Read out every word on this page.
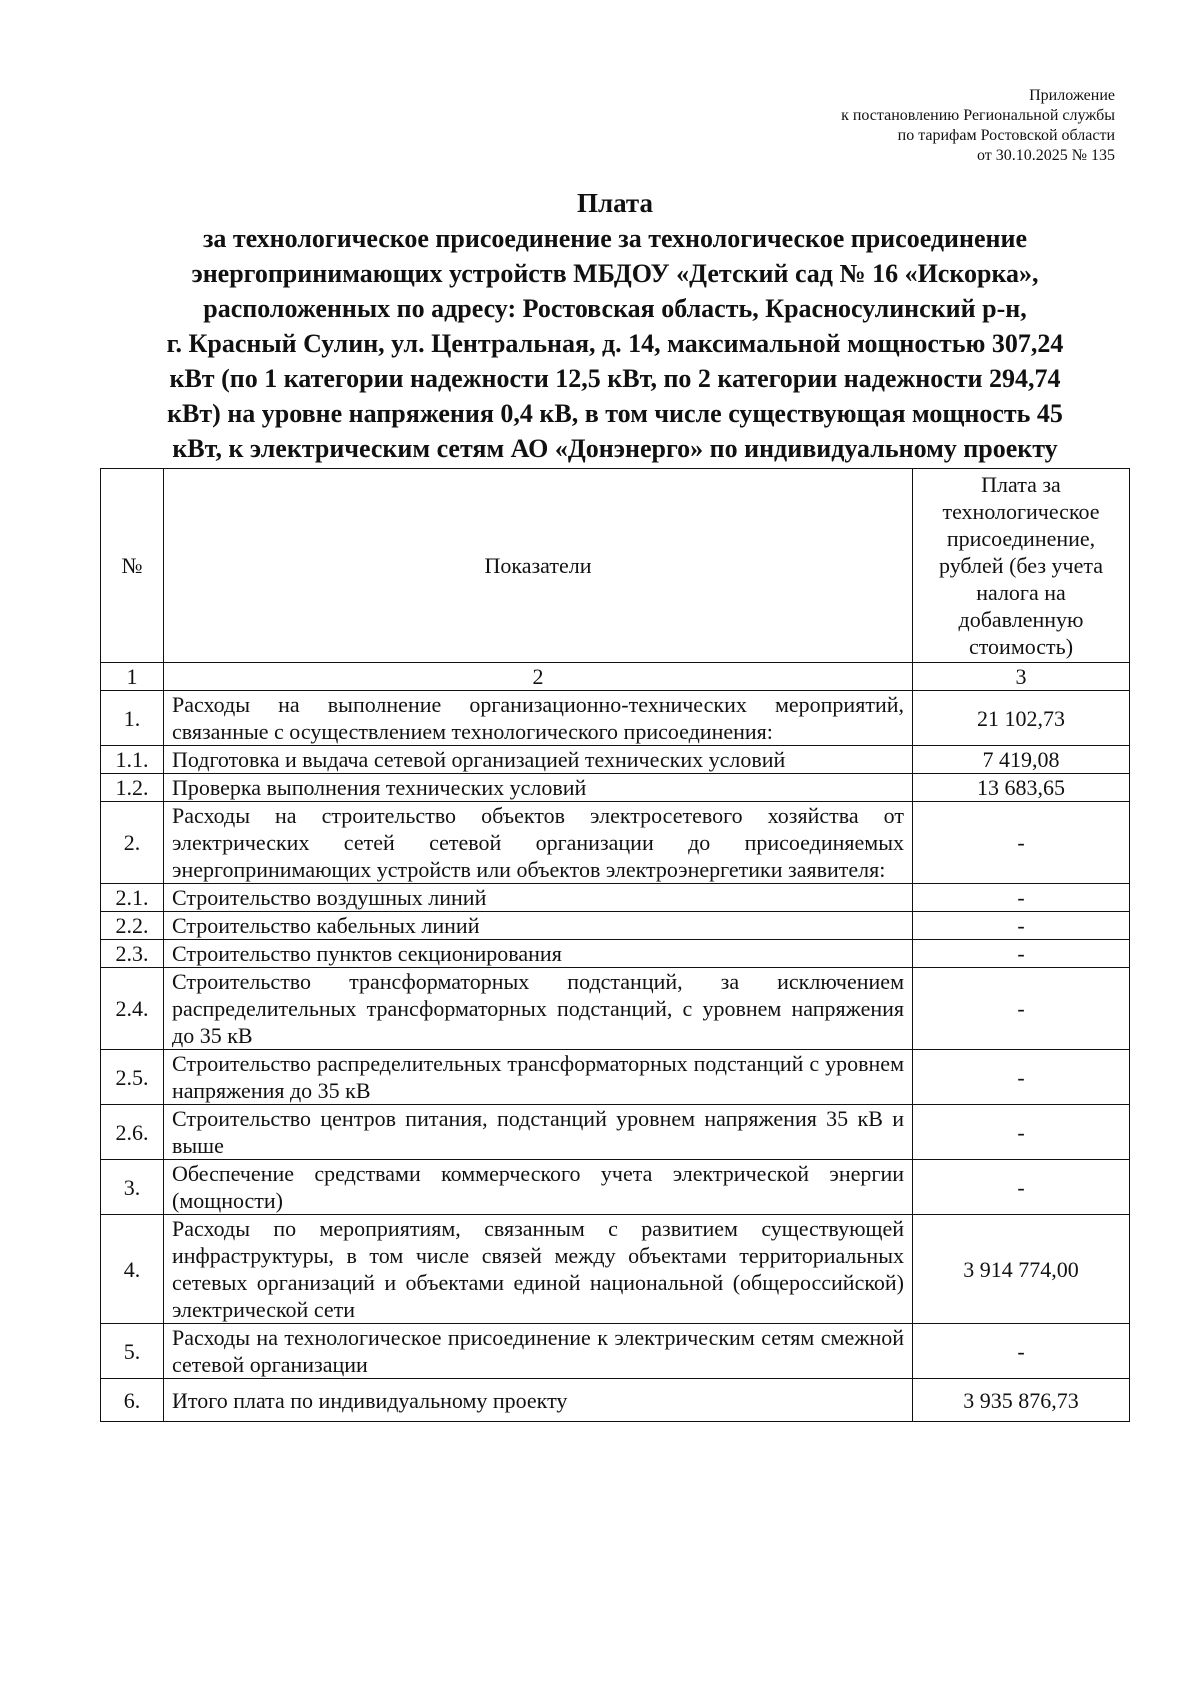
Приложение
к постановлению Региональной службы
по тарифам Ростовской области
от 30.10.2025 № 135
Плата
за технологическое присоединение за технологическое присоединение
энергопринимающих устройств МБДОУ «Детский сад № 16 «Искорка»,
расположенных по адресу: Ростовская область, Красносулинский р-н,
г. Красный Сулин, ул. Центральная, д. 14, максимальной мощностью 307,24
кВт (по 1 категории надежности 12,5 кВт, по 2 категории надежности 294,74
кВт) на уровне напряжения 0,4 кВ, в том числе существующая мощность 45
кВт, к электрическим сетям АО «Донэнерго» по индивидуальному проекту
№	Показатели	Плата за технологическое присоединение, рублей (без учета налога на добавленную стоимость)
1	2	3
1.	Расходы на выполнение организационно-технических мероприятий, связанные с осуществлением технологического присоединения:	21 102,73
1.1.	Подготовка и выдача сетевой организацией технических условий	7 419,08
1.2.	Проверка выполнения технических условий	13 683,65
2.	Расходы на строительство объектов электросетевого хозяйства от электрических сетей сетевой организации до присоединяемых энергопринимающих устройств или объектов электроэнергетики заявителя:	-
2.1.	Строительство воздушных линий	-
2.2.	Строительство кабельных линий	-
2.3.	Строительство пунктов секционирования	-
2.4.	Строительство трансформаторных подстанций, за исключением распределительных трансформаторных подстанций, с уровнем напряжения до 35 кВ	-
2.5.	Строительство распределительных трансформаторных подстанций с уровнем напряжения до 35 кВ	-
2.6.	Строительство центров питания, подстанций уровнем напряжения 35 кВ и выше	-
3.	Обеспечение средствами коммерческого учета электрической энергии (мощности)	-
4.	Расходы по мероприятиям, связанным с развитием существующей инфраструктуры, в том числе связей между объектами территориальных сетевых организаций и объектами единой национальной (общероссийской) электрической сети	3 914 774,00
5.	Расходы на технологическое присоединение к электрическим сетям смежной сетевой организации	-
6.	Итого плата по индивидуальному проекту	3 935 876,73
